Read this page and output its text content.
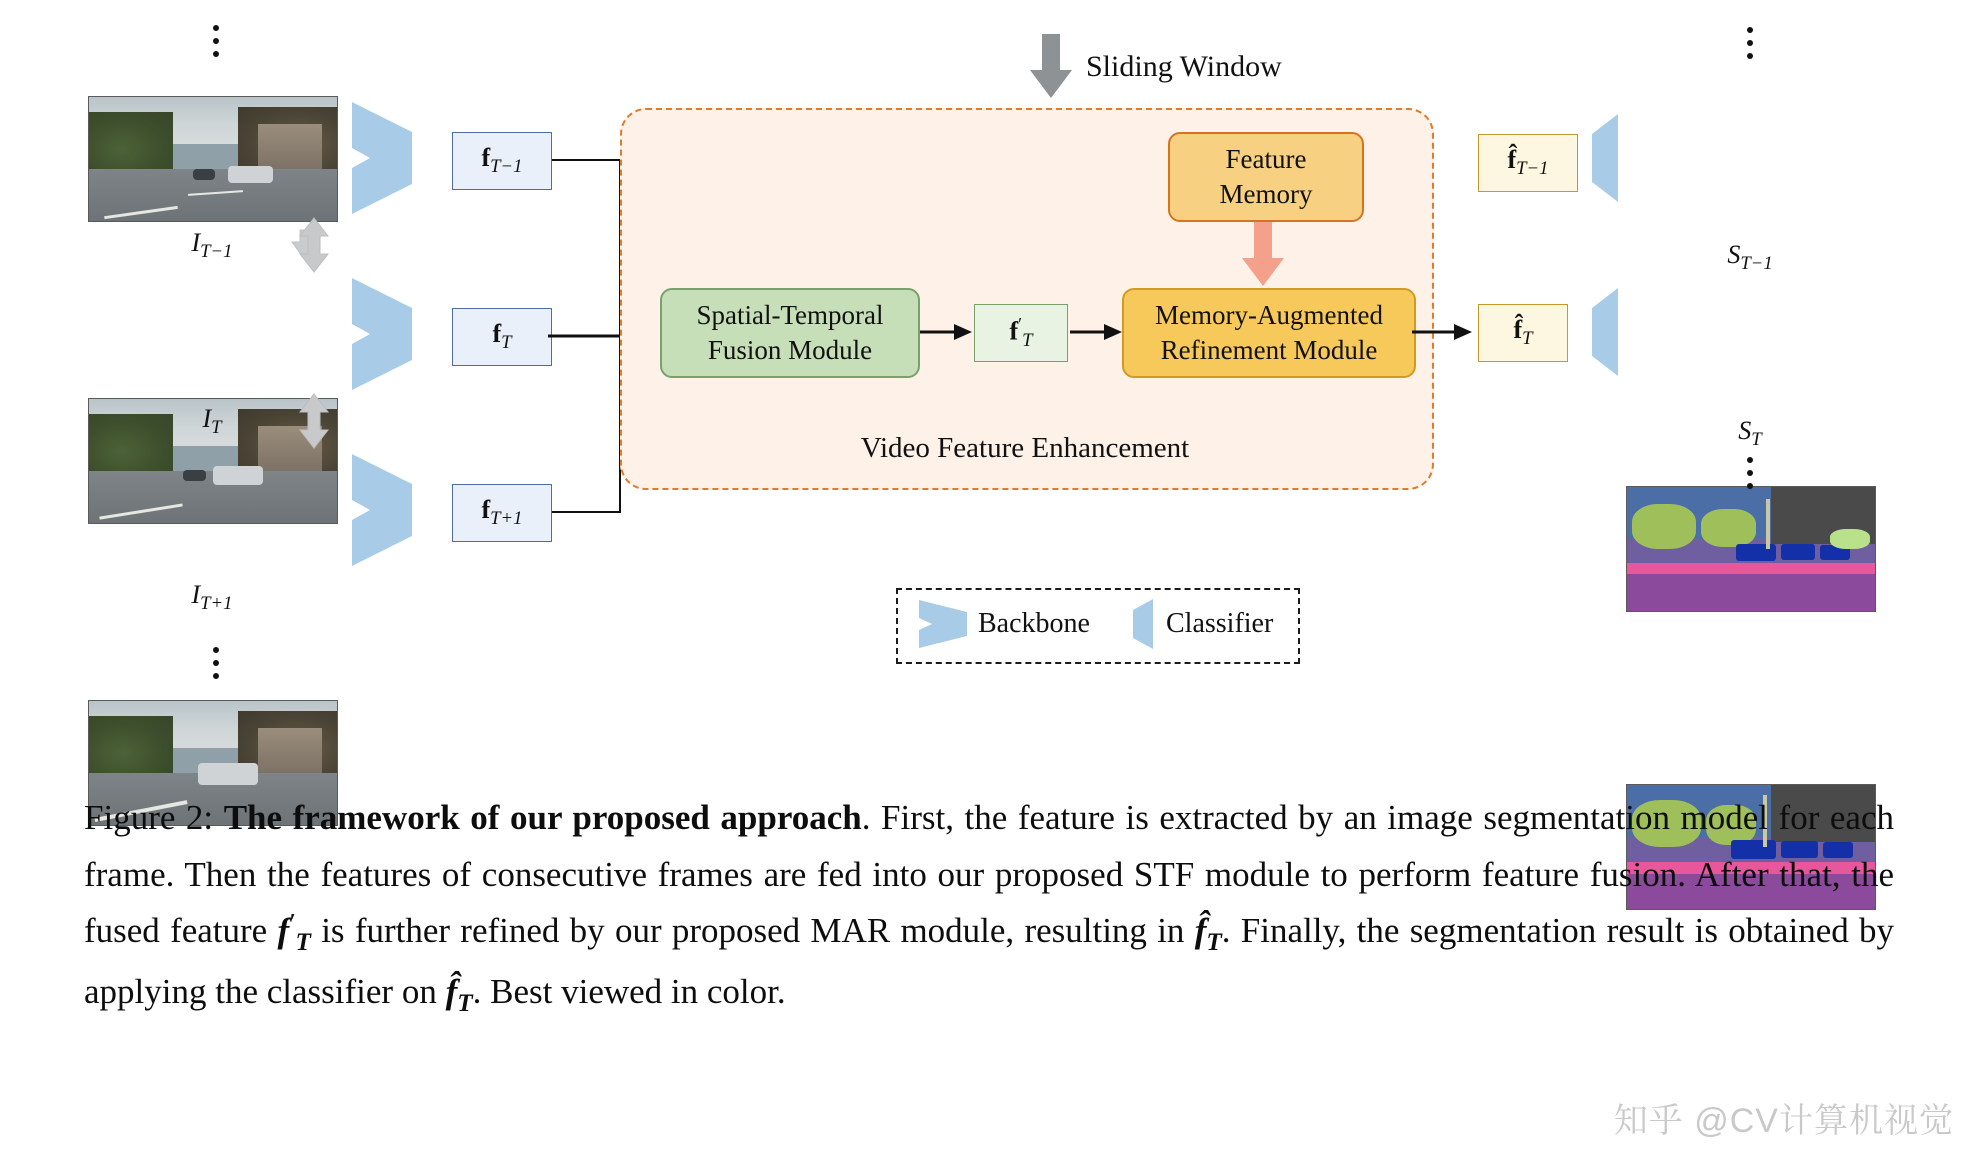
$I_{T-1}$
$I_T$
$I_{T+1}$
$f_{T-1}$
$f_T$
$f_{T+1}$
Video Feature Enhancement
Sliding Window
Spatial-Temporal
Fusion Module
$f'_T$
Memory-Augmented
Refinement Module
Feature
Memory
$f̂_{T-1}$
$f̂_T$
$S_{T-1}$
$S_T$
Backbone	Classifier
Figure 2: The framework of our proposed approach. First, the feature is extracted by an image segmentation model for each frame. Then the features of consecutive frames are fed into our proposed STF module to perform feature fusion. After that, the fused feature $f'_T$ is further refined by our proposed MAR module, resulting in $f̂_T$. Finally, the segmentation result is obtained by applying the classifier on $f̂_T$. Best viewed in color.
知乎 @CV计算机视觉
